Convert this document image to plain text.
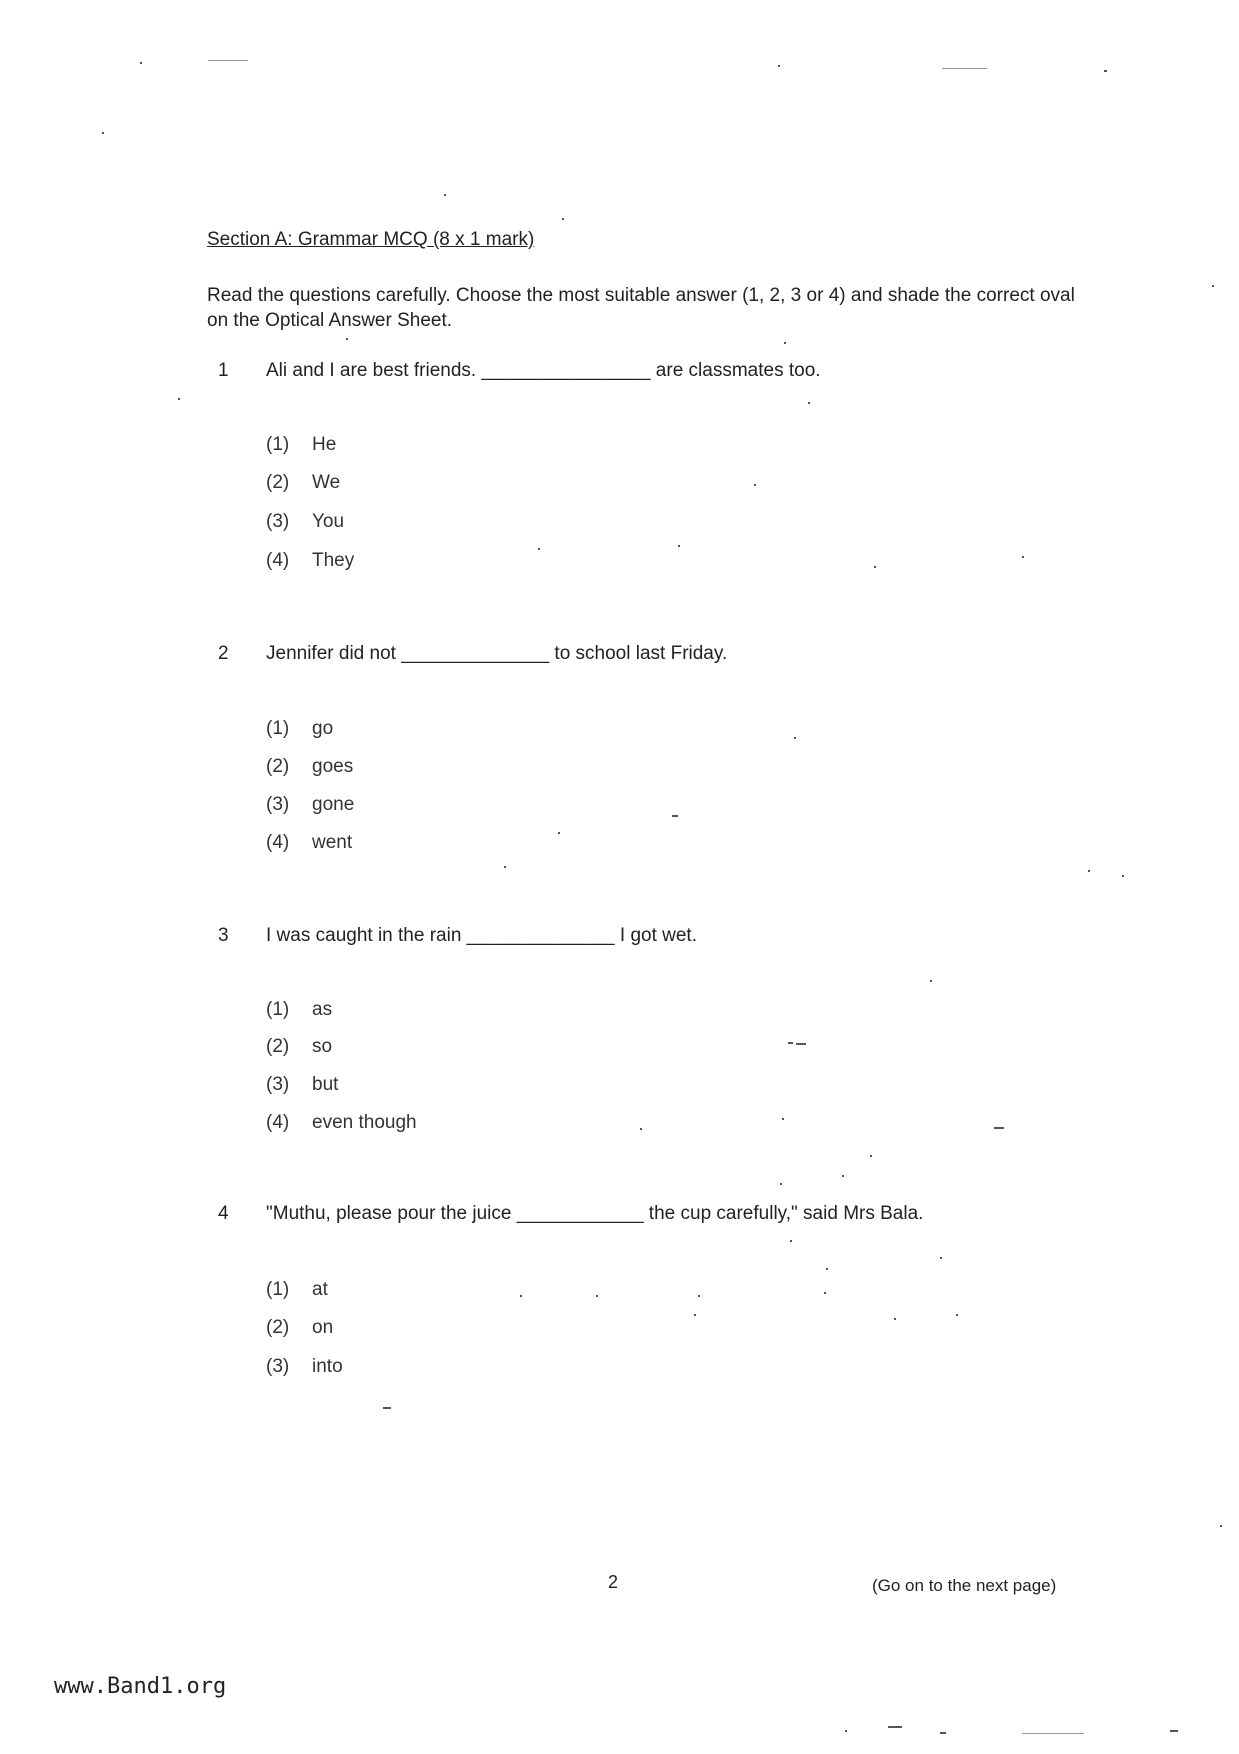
Section A: Grammar MCQ (8 x 1 mark)
Read the questions carefully. Choose the most suitable answer (1, 2, 3 or 4) and shade the correct oval on the Optical Answer Sheet.
1 Ali and I are best friends. ________________ are classmates too.
(1) He
(2) We
(3) You
(4) They
2 Jennifer did not ______________ to school last Friday.
(1) go
(2) goes
(3) gone
(4) went
3 I was caught in the rain ______________ I got wet.
(1) as
(2) so
(3) but
(4) even though
4 "Muthu, please pour the juice ____________ the cup carefully," said Mrs Bala.
(1) at
(2) on
(3) into
2	(Go on to the next page)
www.Band1.org
